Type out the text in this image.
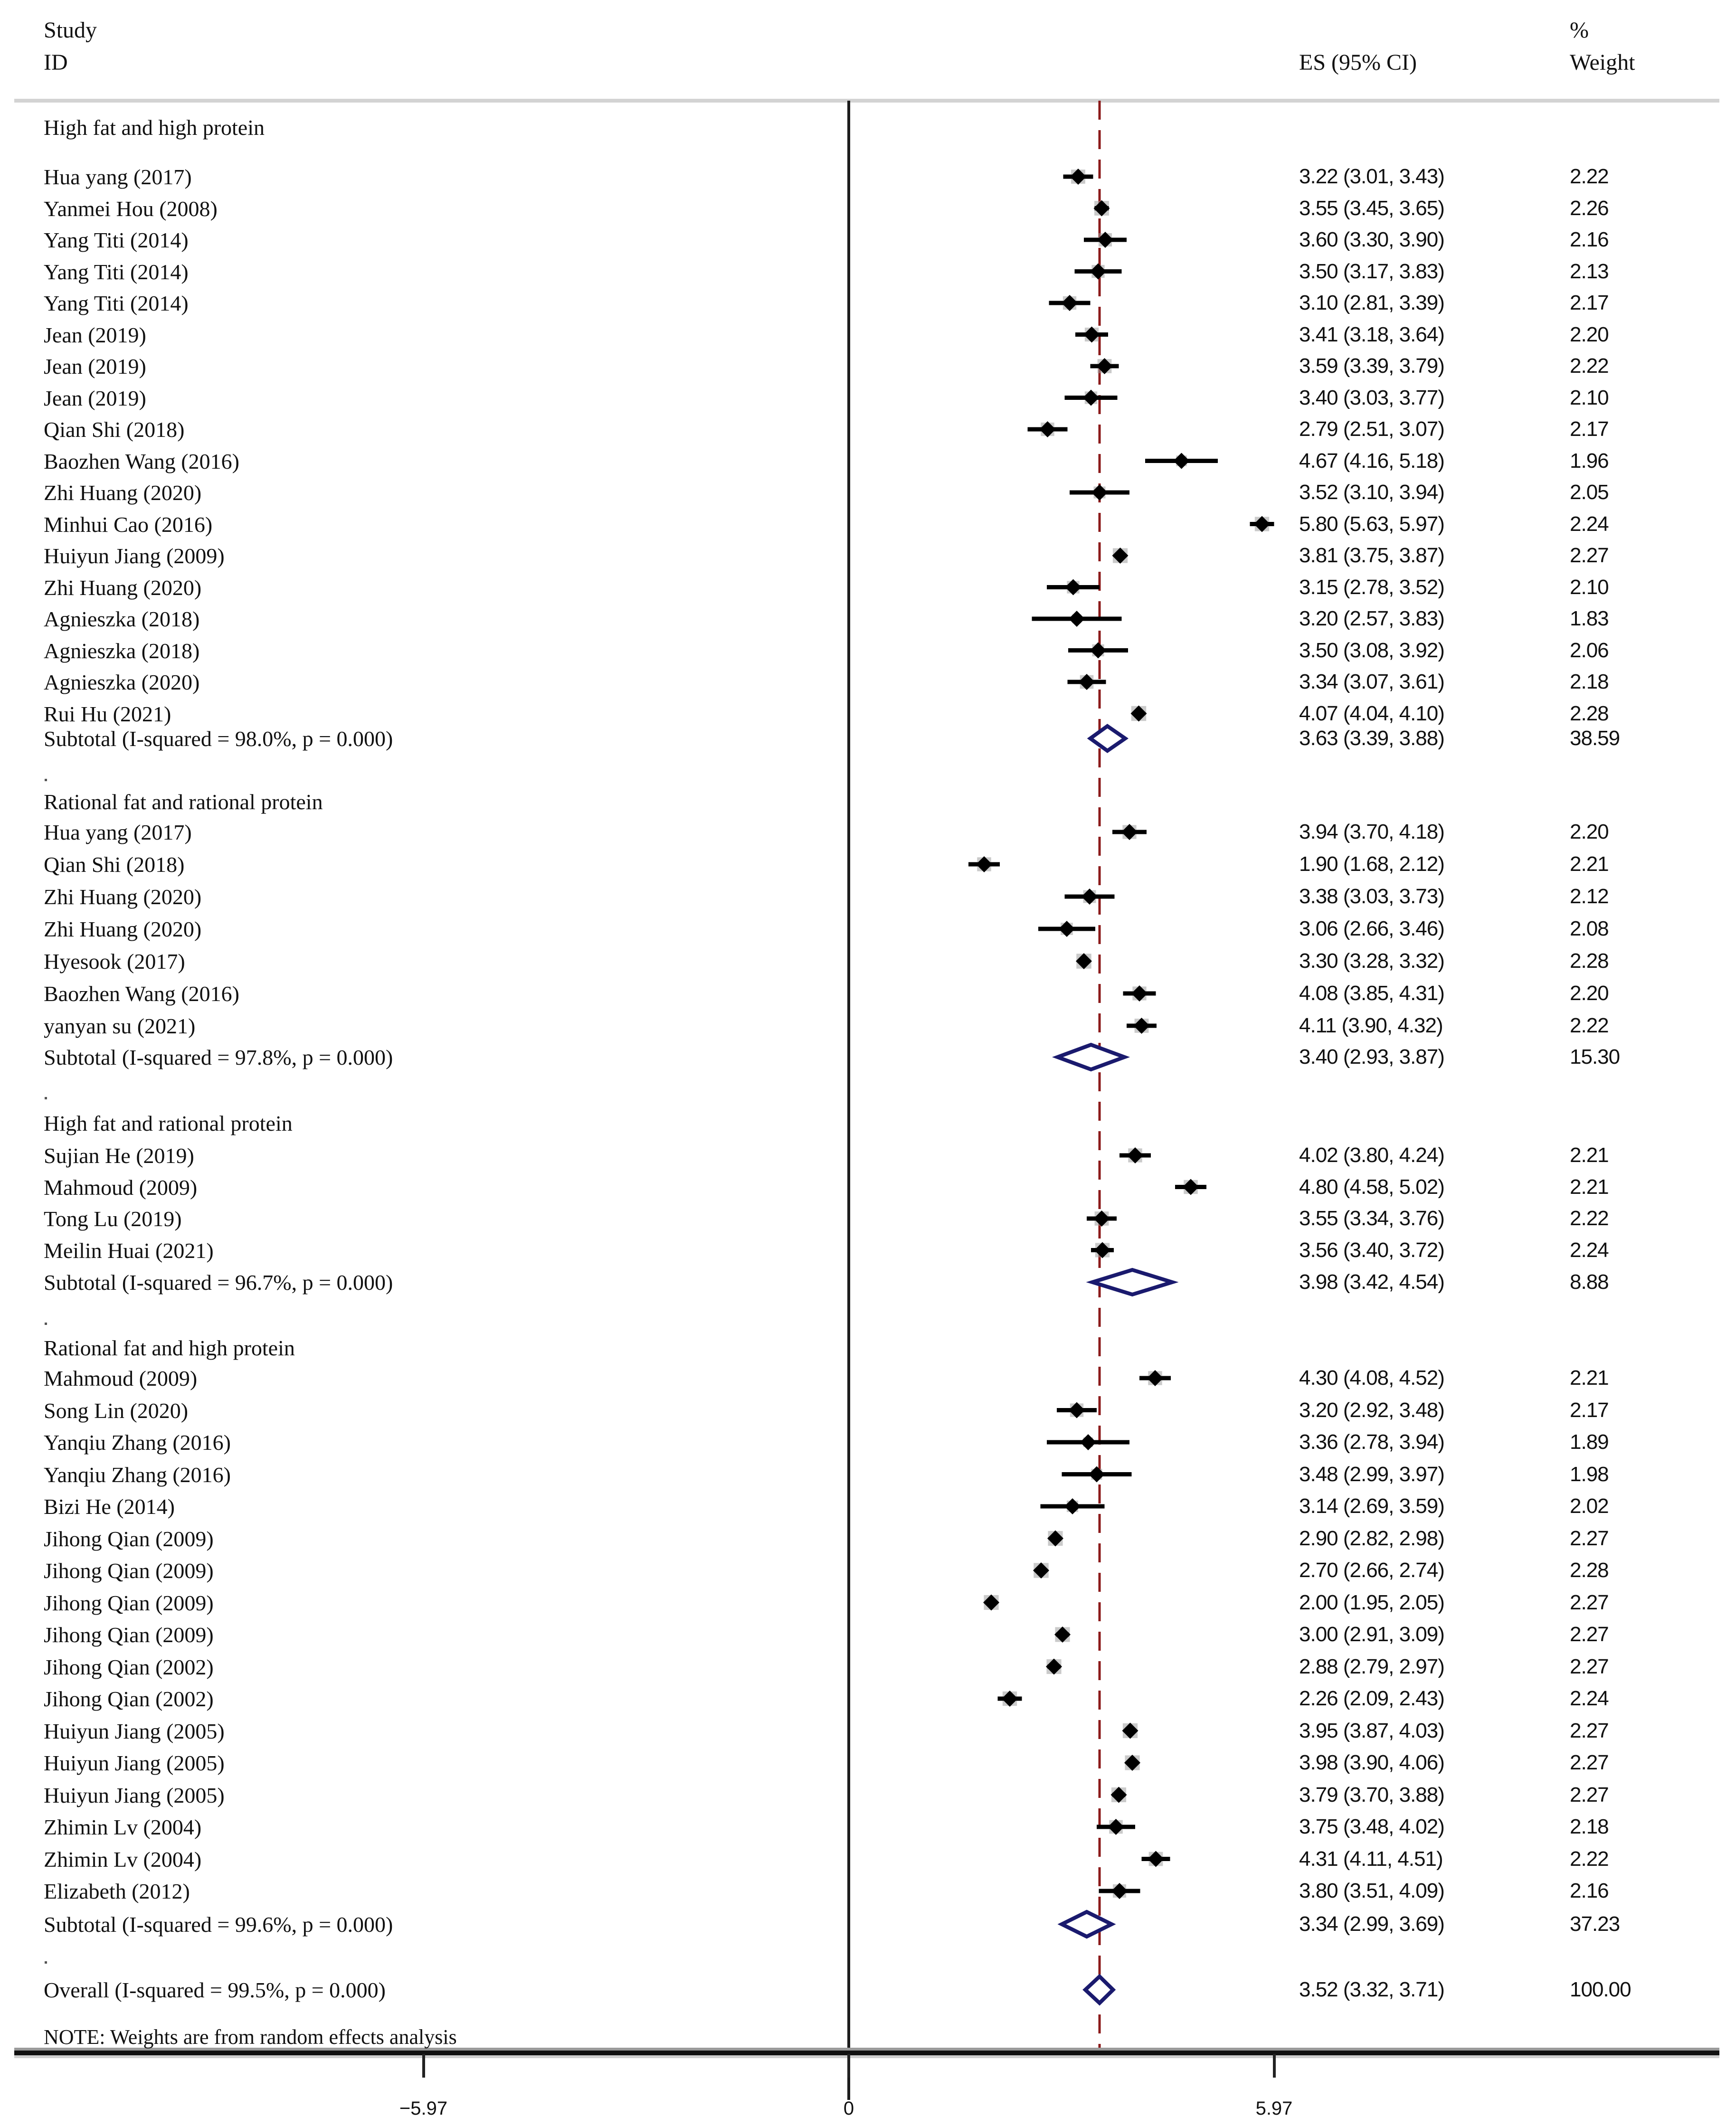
Study
ID	ES (95% CI)
%
Weight
High fat and high protein
Hua yang (2017)	3.22 (3.01, 3.43)	2.22
Yanmei Hou (2008)	3.55 (3.45, 3.65)	2.26
Yang Titi (2014)	3.60 (3.30, 3.90)	2.16
Yang Titi (2014)	3.50 (3.17, 3.83)	2.13
Yang Titi (2014)	3.10 (2.81, 3.39)	2.17
Jean (2019)	3.41 (3.18, 3.64)	2.20
Jean (2019)	3.59 (3.39, 3.79)	2.22
Jean (2019)	3.40 (3.03, 3.77)	2.10
Qian Shi (2018)	2.79 (2.51, 3.07)	2.17
Baozhen Wang (2016)	4.67 (4.16, 5.18)	1.96
Zhi Huang (2020)	3.52 (3.10, 3.94)	2.05
Minhui Cao (2016)	5.80 (5.63, 5.97)	2.24
Huiyun Jiang (2009)	3.81 (3.75, 3.87)	2.27
Zhi Huang (2020)	3.15 (2.78, 3.52)	2.10
Agnieszka (2018)	3.20 (2.57, 3.83)	1.83
Agnieszka (2018)	3.50 (3.08, 3.92)	2.06
Agnieszka (2020)	3.34 (3.07, 3.61)	2.18
Rui Hu (2021)	4.07 (4.04, 4.10)	2.28
Subtotal (I-squared = 98.0%, p = 0.000)	3.63 (3.39, 3.88)	38.59
Rational fat and rational protein
Hua yang (2017)	3.94 (3.70, 4.18)	2.20
Qian Shi (2018)	1.90 (1.68, 2.12)	2.21
Zhi Huang (2020)	3.38 (3.03, 3.73)	2.12
Zhi Huang (2020)	3.06 (2.66, 3.46)	2.08
Hyesook (2017)	3.30 (3.28, 3.32)	2.28
Baozhen Wang (2016)	4.08 (3.85, 4.31)	2.20
yanyan su (2021)	4.11 (3.90, 4.32)	2.22
Subtotal (I-squared = 97.8%, p = 0.000)	3.40 (2.93, 3.87)	15.30
High fat and rational protein
Sujian He (2019)	4.02 (3.80, 4.24)	2.21
Mahmoud (2009)	4.80 (4.58, 5.02)	2.21
Tong Lu (2019)	3.55 (3.34, 3.76)	2.22
Meilin Huai (2021)	3.56 (3.40, 3.72)	2.24
Subtotal (I-squared = 96.7%, p = 0.000)	3.98 (3.42, 4.54)	8.88
Rational fat and high protein
Mahmoud (2009)	4.30 (4.08, 4.52)	2.21
Song Lin (2020)	3.20 (2.92, 3.48)	2.17
Yanqiu Zhang (2016)	3.36 (2.78, 3.94)	1.89
Yanqiu Zhang (2016)	3.48 (2.99, 3.97)	1.98
Bizi He (2014)	3.14 (2.69, 3.59)	2.02
Jihong Qian (2009)	2.90 (2.82, 2.98)	2.27
Jihong Qian (2009)	2.70 (2.66, 2.74)	2.28
Jihong Qian (2009)	2.00 (1.95, 2.05)	2.27
Jihong Qian (2009)	3.00 (2.91, 3.09)	2.27
Jihong Qian (2002)	2.88 (2.79, 2.97)	2.27
Jihong Qian (2002)	2.26 (2.09, 2.43)	2.24
Huiyun Jiang (2005)	3.95 (3.87, 4.03)	2.27
Huiyun Jiang (2005)	3.98 (3.90, 4.06)	2.27
Huiyun Jiang (2005)	3.79 (3.70, 3.88)	2.27
Zhimin Lv (2004)	3.75 (3.48, 4.02)	2.18
Zhimin Lv (2004)	4.31 (4.11, 4.51)	2.22
Elizabeth (2012)	3.80 (3.51, 4.09)	2.16
Subtotal (I-squared = 99.6%, p = 0.000)	3.34 (2.99, 3.69)	37.23
Overall (I-squared = 99.5%, p = 0.000)	3.52 (3.32, 3.71)	100.00
−5.97	0	5.97
NOTE: Weights are from random effects analysis
